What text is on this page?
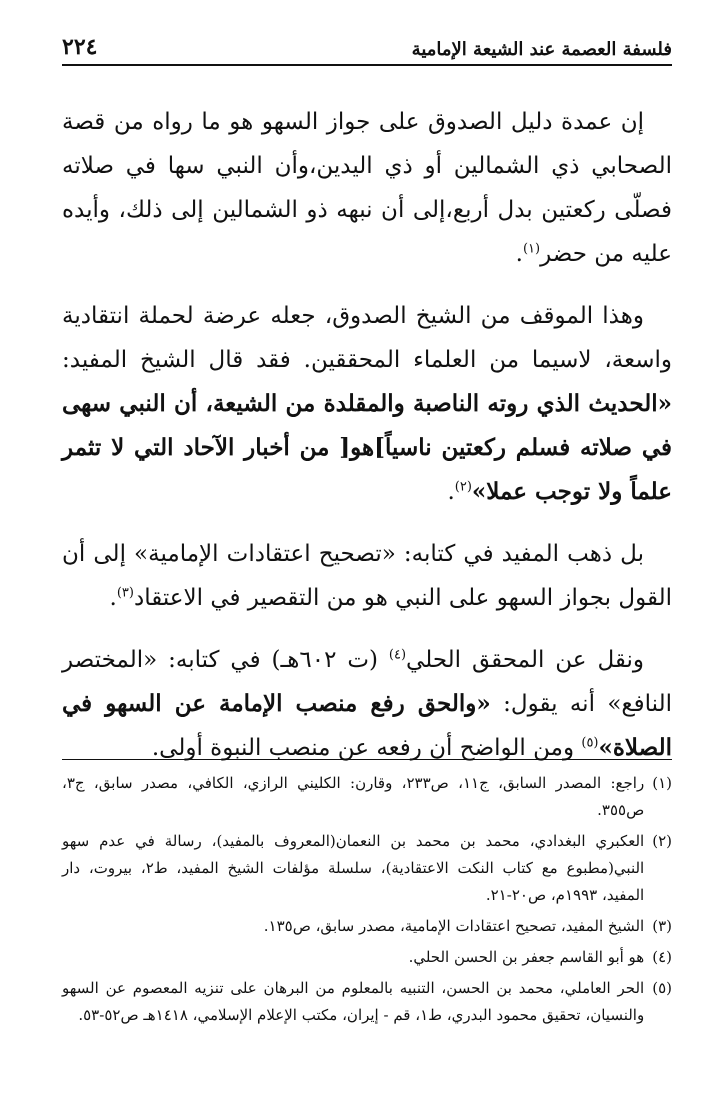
فلسفة العصمة عند الشيعة الإمامية
٢٢٤

إن عمدة دليل الصدوق على جواز السهو هو ما رواه من قصة الصحابي ذي الشمالين أو ذي اليدين،وأن النبي سها في صلاته فصلّى ركعتين بدل أربع،إلى أن نبهه ذو الشمالين إلى ذلك، وأيده عليه من حضر$^{(١)}$.

وهذا الموقف من الشيخ الصدوق، جعله عرضة لحملة انتقادية واسعة، لاسيما من العلماء المحققين. فقد قال الشيخ المفيد: «الحديث الذي روته الناصبة والمقلدة من الشيعة، أن النبي سهى في صلاته فسلم ركعتين ناسياً]هو[ من أخبار الآحاد التي لا تثمر علماً ولا توجب عملا»$^{(٢)}$.

بل ذهب المفيد في كتابه: «تصحيح اعتقادات الإمامية» إلى أن القول بجواز السهو على النبي هو من التقصير في الاعتقاد$^{(٣)}$.

ونقل عن المحقق الحلي$^{(٤)}$ (ت ٦٠٢هـ) في كتابه: «المختصر النافع» أنه يقول: «والحق رفع منصب الإمامة عن السهو في الصلاة»$^{(٥)}$ ومن الواضح أن رفعه عن منصب النبوة أولى.

(١)
راجع: المصدر السابق، ج١١، ص٢٣٣، وقارن: الكليني الرازي، الكافي، مصدر سابق، ج٣، ص٣٥٥.
(٢)
العكبري البغدادي، محمد بن محمد بن النعمان(المعروف بالمفيد)، رسالة في عدم سهو النبي(مطبوع مع كتاب النكت الاعتقادية)، سلسلة مؤلفات الشيخ المفيد، ط٢، بيروت، دار المفيد، ١٩٩٣م، ص٢٠-٢١.
(٣)
الشيخ المفيد، تصحيح اعتقادات الإمامية، مصدر سابق، ص١٣٥.
(٤)
هو أبو القاسم جعفر بن الحسن الحلي.
(٥)
الحر العاملي، محمد بن الحسن، التنبيه بالمعلوم من البرهان على تنزيه المعصوم عن السهو والنسيان، تحقيق محمود البدري، ط١، قم - إيران، مكتب الإعلام الإسلامي، ١٤١٨هـ ص٥٢-٥٣.
